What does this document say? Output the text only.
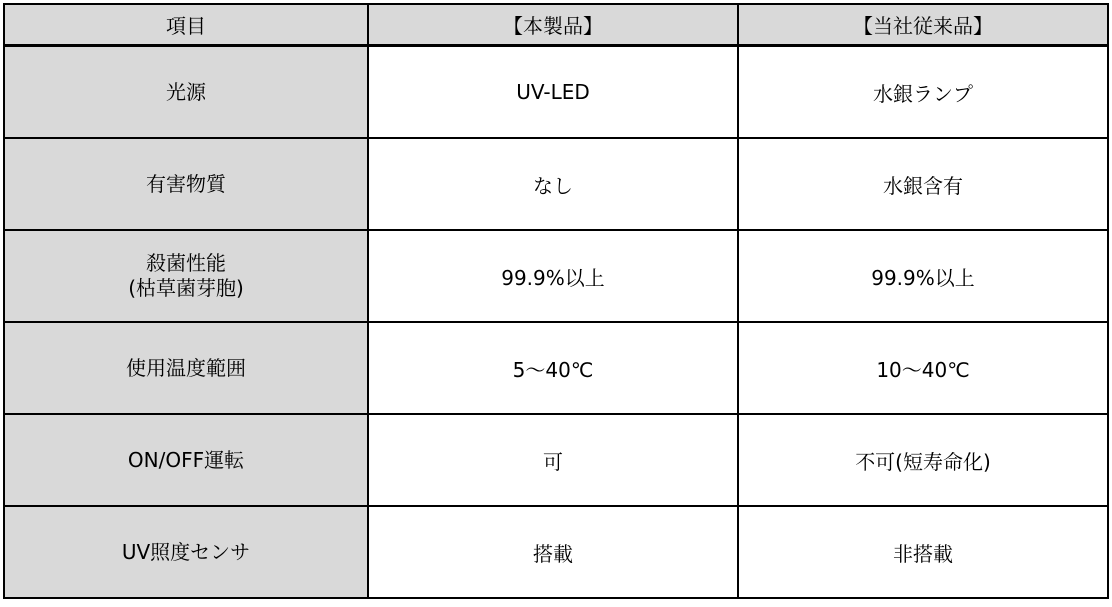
項目	【本製品】	【当社従来品】

光源	UV-LED	水銀ランプ

有害物質	なし	水銀含有

殺菌性能
(枯草菌芽胞)	99.9%以上	99.9%以上

使用温度範囲	5～40℃	10～40℃

ON/OFF運転	可	不可(短寿命化)

UV照度センサ	搭載	非搭載
